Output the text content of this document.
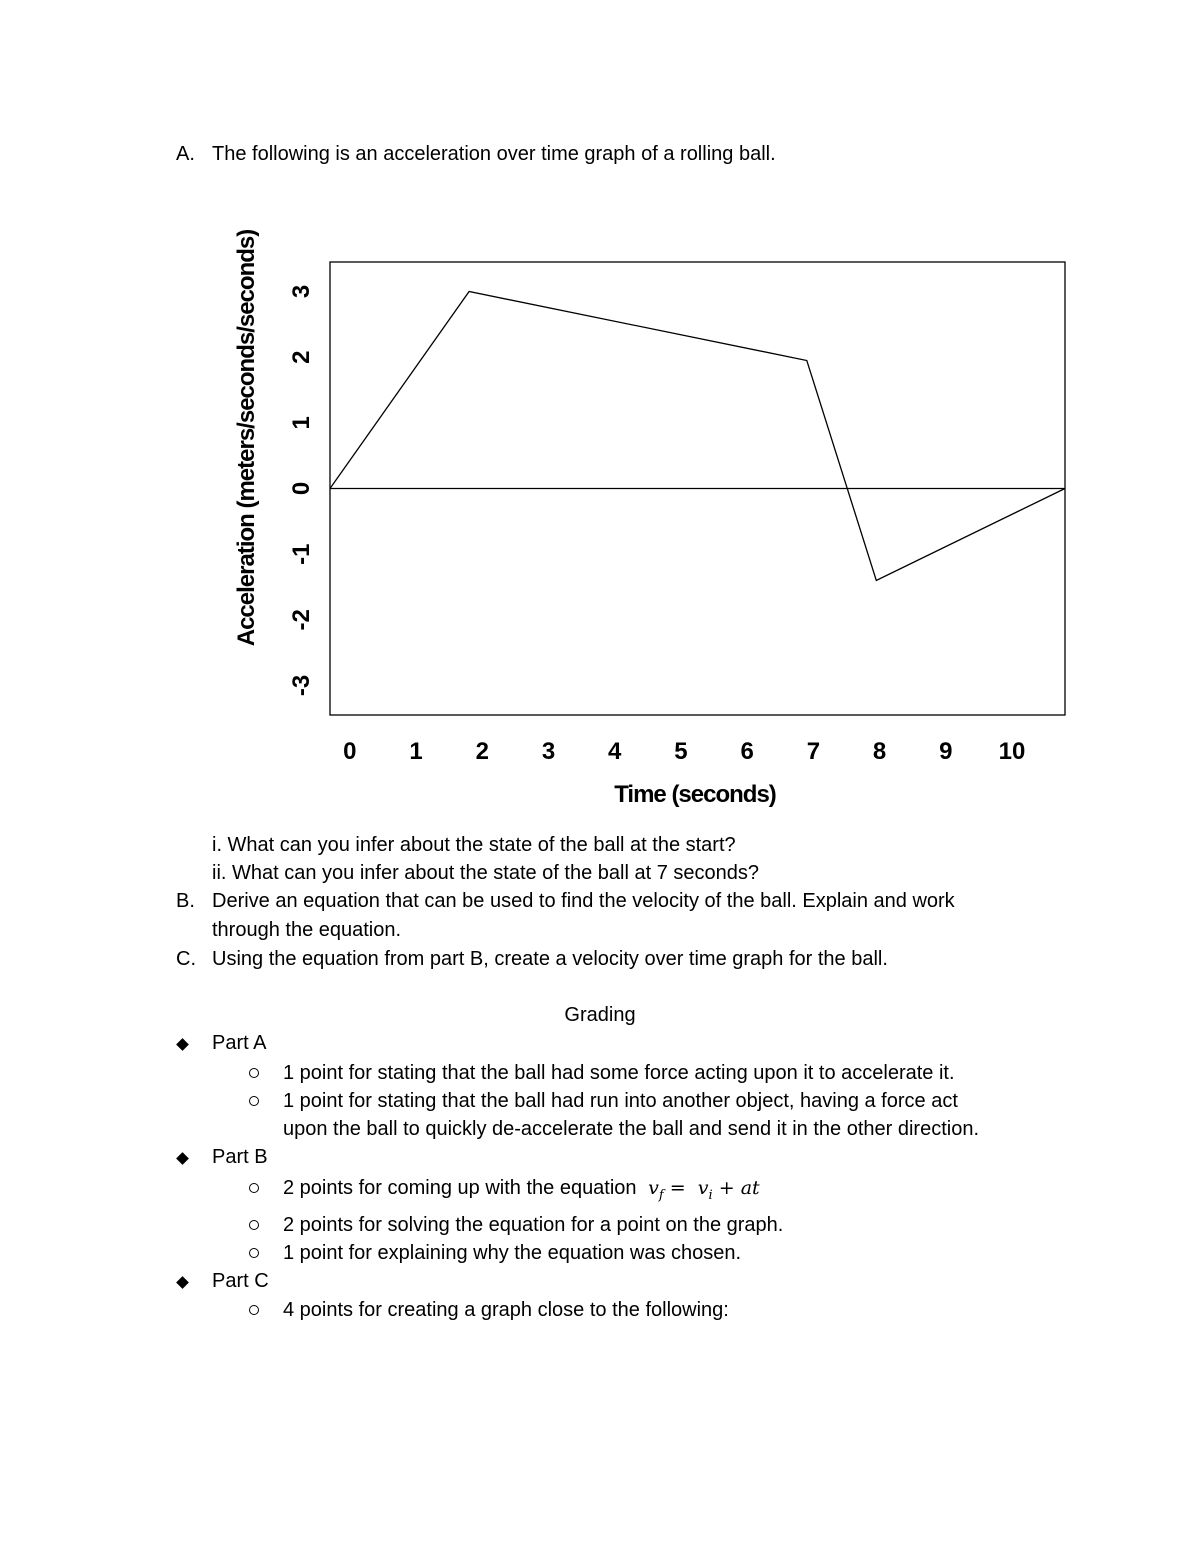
A. The following is an acceleration over time graph of a rolling ball.
0 1 2 3 4 5 6 7 8 9 10
-3
-2
-1
0
1
2
3
Time (seconds)
Acceleration (meters/seconds/seconds)
i. What can you infer about the state of the ball at the start?
ii. What can you infer about the state of the ball at 7 seconds?
B. Derive an equation that can be used to find the velocity of the ball. Explain and work
through the equation.
C. Using the equation from part B, create a velocity over time graph for the ball.
Grading
Part A
1 point for stating that the ball had some force acting upon it to accelerate it.
1 point for stating that the ball had run into another object, having a force act
upon the ball to quickly de-accelerate the ball and send it in the other direction.
Part B
2 points for coming up with the equation $v_f = v_i$ + at
2 points for solving the equation for a point on the graph.
1 point for explaining why the equation was chosen.
Part C
4 points for creating a graph close to the following:
